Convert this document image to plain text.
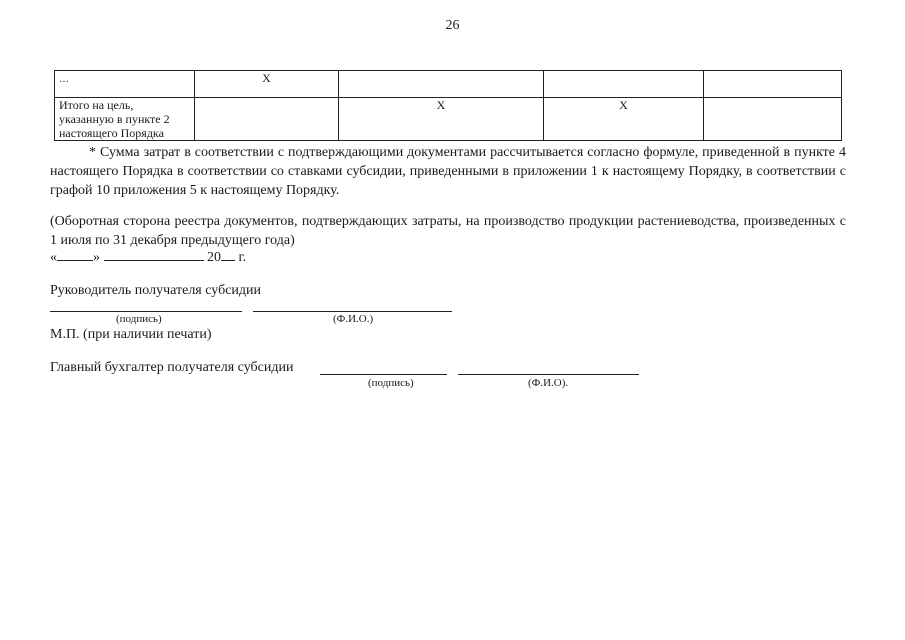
26
…	Х			

Итого на цель,
указанную в пункте 2
настоящего Порядка		Х	Х	

* Сумма затрат в соответствии с подтверждающими документами рассчитывается согласно формуле, приведенной в пункте 4 настоящего Порядка в соответствии со ставками субсидии, приведенными в приложении 1 к настоящему Порядку, в соответствии с графой 10 приложения 5 к настоящему Порядку.

(Оборотная сторона реестра документов, подтверждающих затраты, на производство продукции растениеводства, произведенных с 1 июля по 31 декабря предыдущего года)

«	»	20 г.
Руководитель получателя субсидии
(подпись)	(Ф.И.О.)
М.П. (при наличии печати)
Главный бухгалтер получателя субсидии
(подпись)	(Ф.И.О).
